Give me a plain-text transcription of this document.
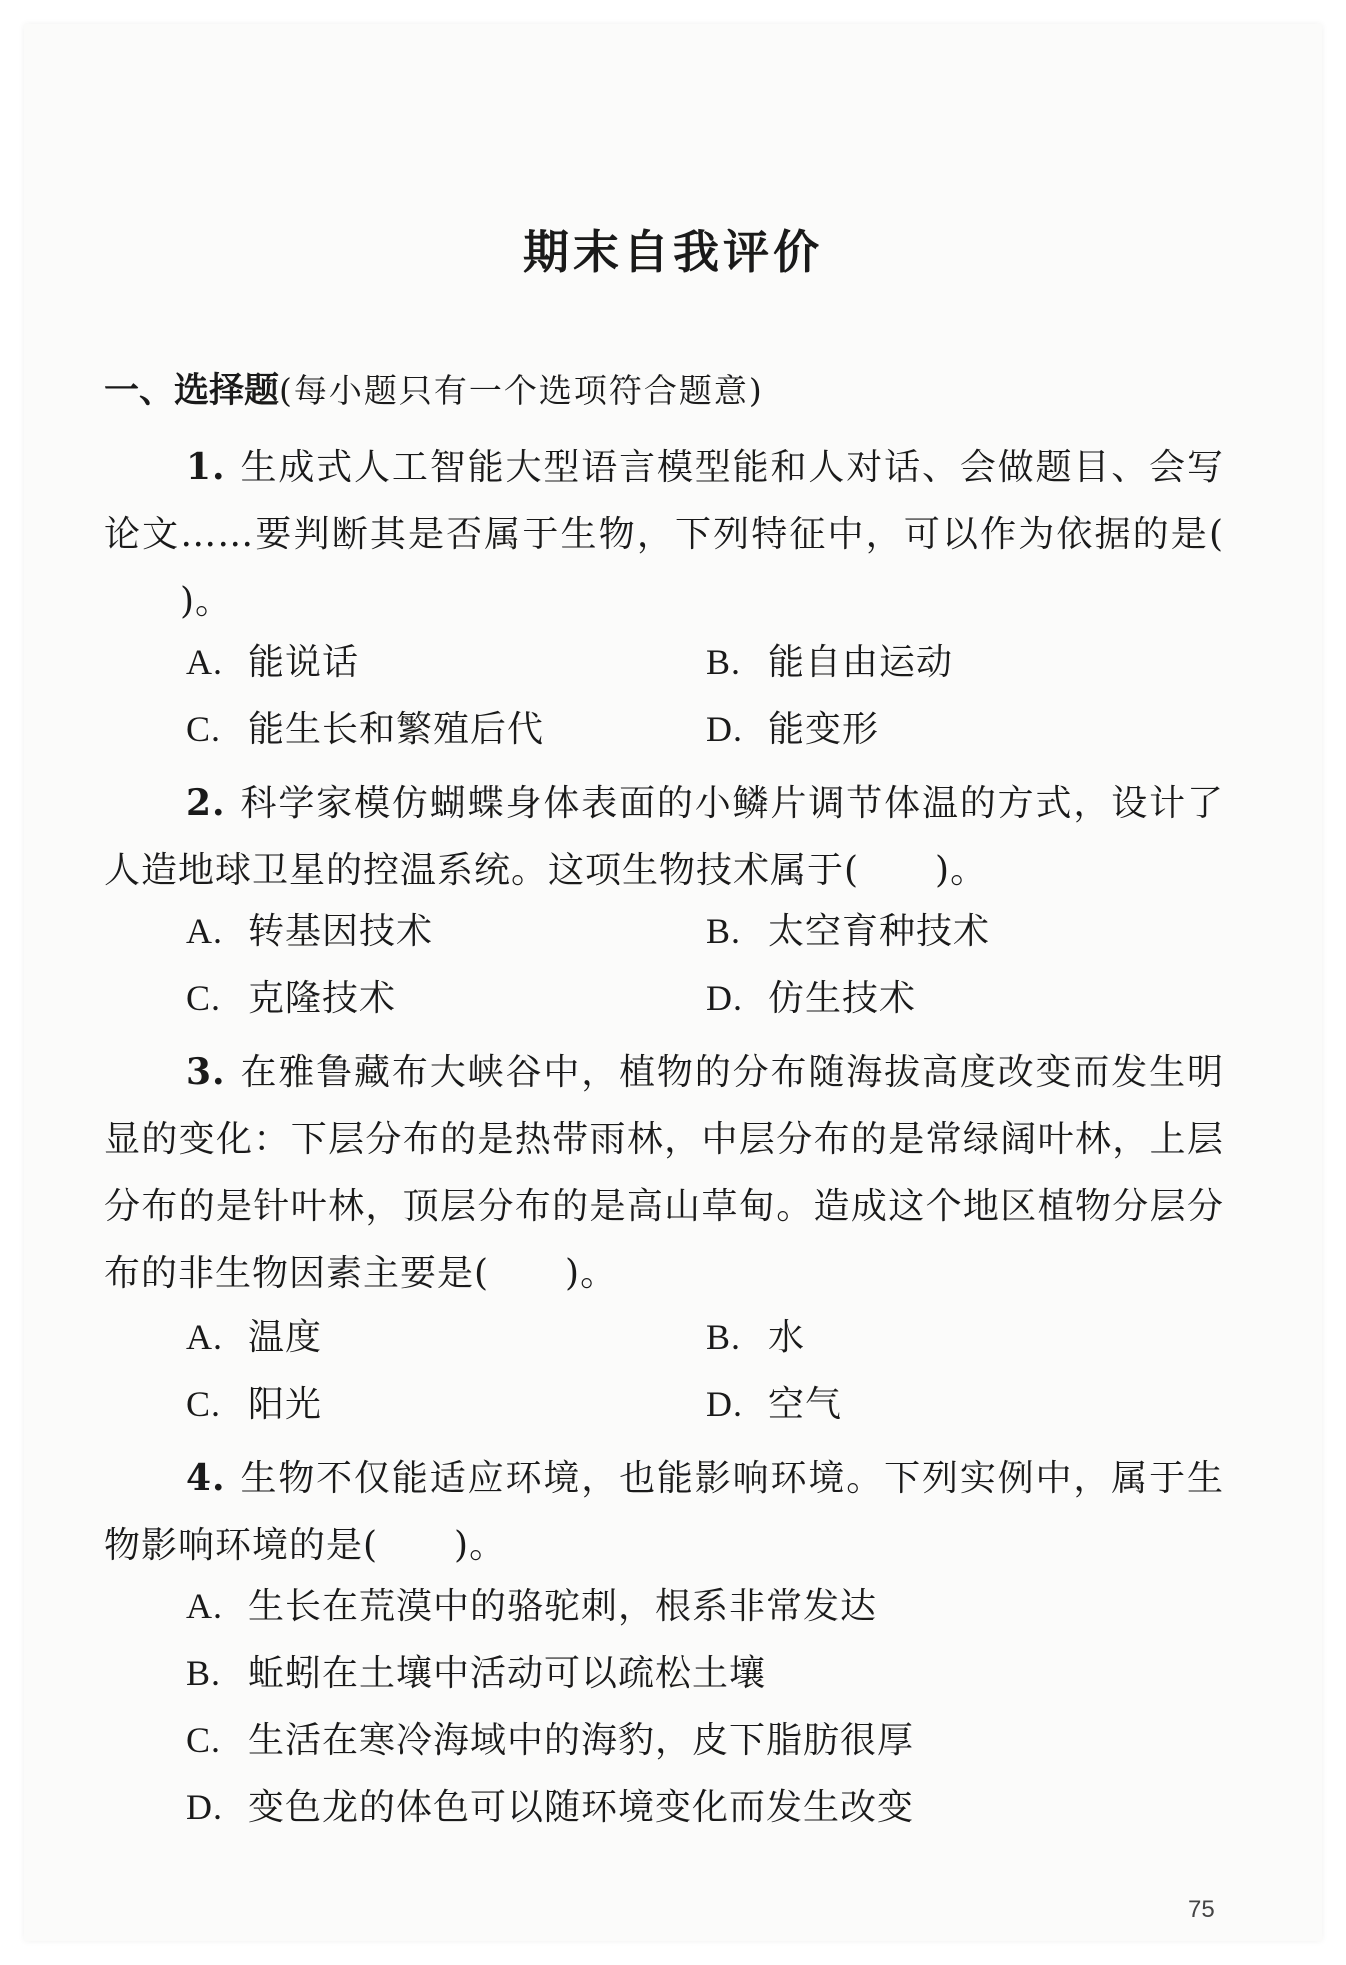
期末自我评价
一、选择题(每小题只有一个选项符合题意)
1. 生成式人工智能大型语言模型能和人对话、会做题目、会写论文……要判断其是否属于生物，下列特征中，可以作为依据的是()。
A. 能说话	B. 能自由运动
C. 能生长和繁殖后代	D. 能变形
2. 科学家模仿蝴蝶身体表面的小鳞片调节体温的方式，设计了人造地球卫星的控温系统。这项生物技术属于( )。
A. 转基因技术	B. 太空育种技术
C. 克隆技术	D. 仿生技术
3. 在雅鲁藏布大峡谷中，植物的分布随海拔高度改变而发生明显的变化：下层分布的是热带雨林，中层分布的是常绿阔叶林，上层分布的是针叶林，顶层分布的是高山草甸。造成这个地区植物分层分布的非生物因素主要是( )。
A. 温度	B. 水
C. 阳光	D. 空气
4. 生物不仅能适应环境，也能影响环境。下列实例中，属于生物影响环境的是( )。
A. 生长在荒漠中的骆驼刺，根系非常发达
B. 蚯蚓在土壤中活动可以疏松土壤
C. 生活在寒冷海域中的海豹，皮下脂肪很厚
D. 变色龙的体色可以随环境变化而发生改变
75
